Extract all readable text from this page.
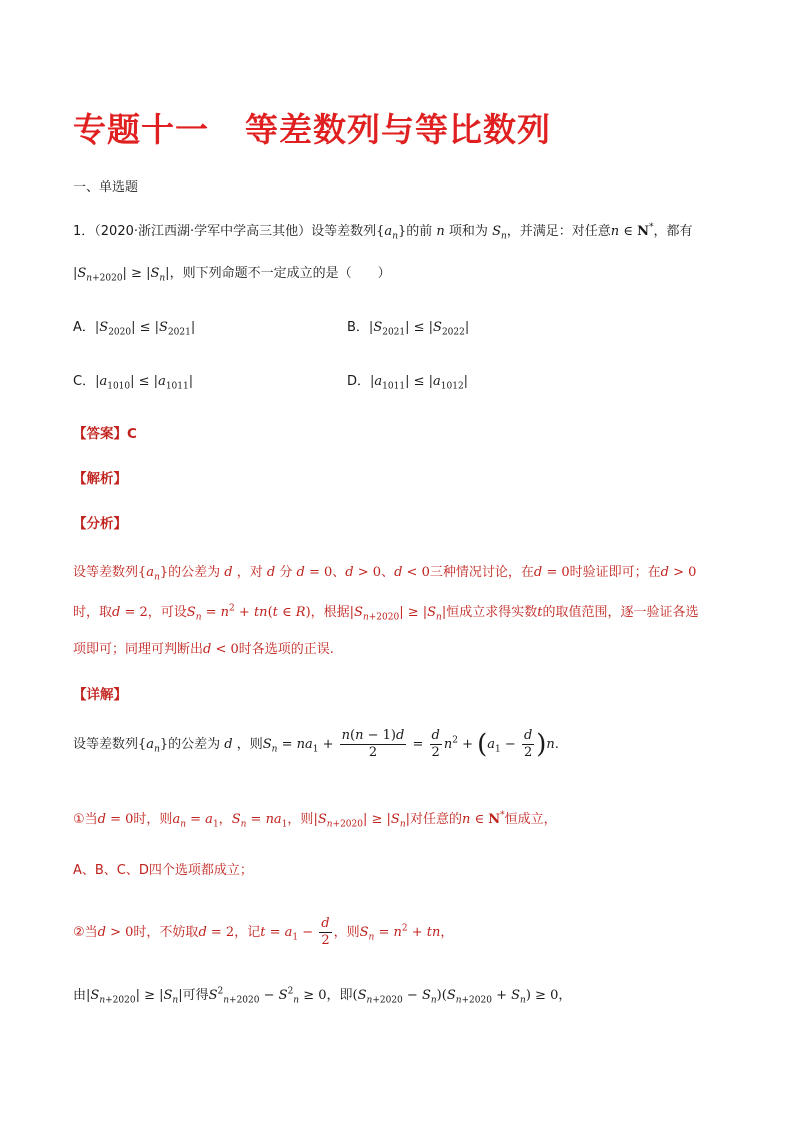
专题十一 等差数列与等比数列
一、单选题
1．（2020·浙江西湖·学军中学高三其他）设等差数列$\{a_n\}$的前 n 项和为 $S_n$，并满足：对任意n ∈ N*，都有
$|S_{n+2020}| \ge |S_n|$，则下列命题不一定成立的是（　　）
A．$|S_{2020}| \le |S_{2021}|$	B．$|S_{2021}| \le |S_{2022}|$
C．$|a_{1010}| \le |a_{1011}|$	D．$|a_{1011}| \le |a_{1012}|$
【答案】C
【解析】
【分析】
设等差数列$\{a_n\}$的公差为 d ，对 d 分 d = 0、d > 0、d < 0三种情况讨论，在d = 0时验证即可；在d > 0
时，取d = 2，可设$S_n = n^2 + tn(t$ ∈ R)，根据$|S_{n+2020}| \ge |S_n|$恒成立求得实数t的取值范围，逐一验证各选
项即可；同理可判断出d < 0时各选项的正误.
【详解】
设等差数列$\{a_n\}$的公差为 d ，则$S_n = na_1 + \frac{n(n - 1)d}{2} = \frac{d}{2} n^2 + (a_1 - \frac{d}{2} )n$.
①当d = 0时，则$a_n = a_1$，$S_n = na_1$，则$|S_{n+2020}| \ge |S_n|$对任意的n ∈ N*恒成立，
A、B、C、D四个选项都成立；
②当d > 0时，不妨取d = 2，记$t = a_1 - \frac{d}{2}$ ，则$S_n = n^2$ + tn，
由$|S_{n+2020}| \ge |S_n|$可得$S^2_{n+2020} - S^2_n \ge 0$，即$(S_{n+2020} - S_n)(S_{n+2020} + S_n) \ge 0$，
